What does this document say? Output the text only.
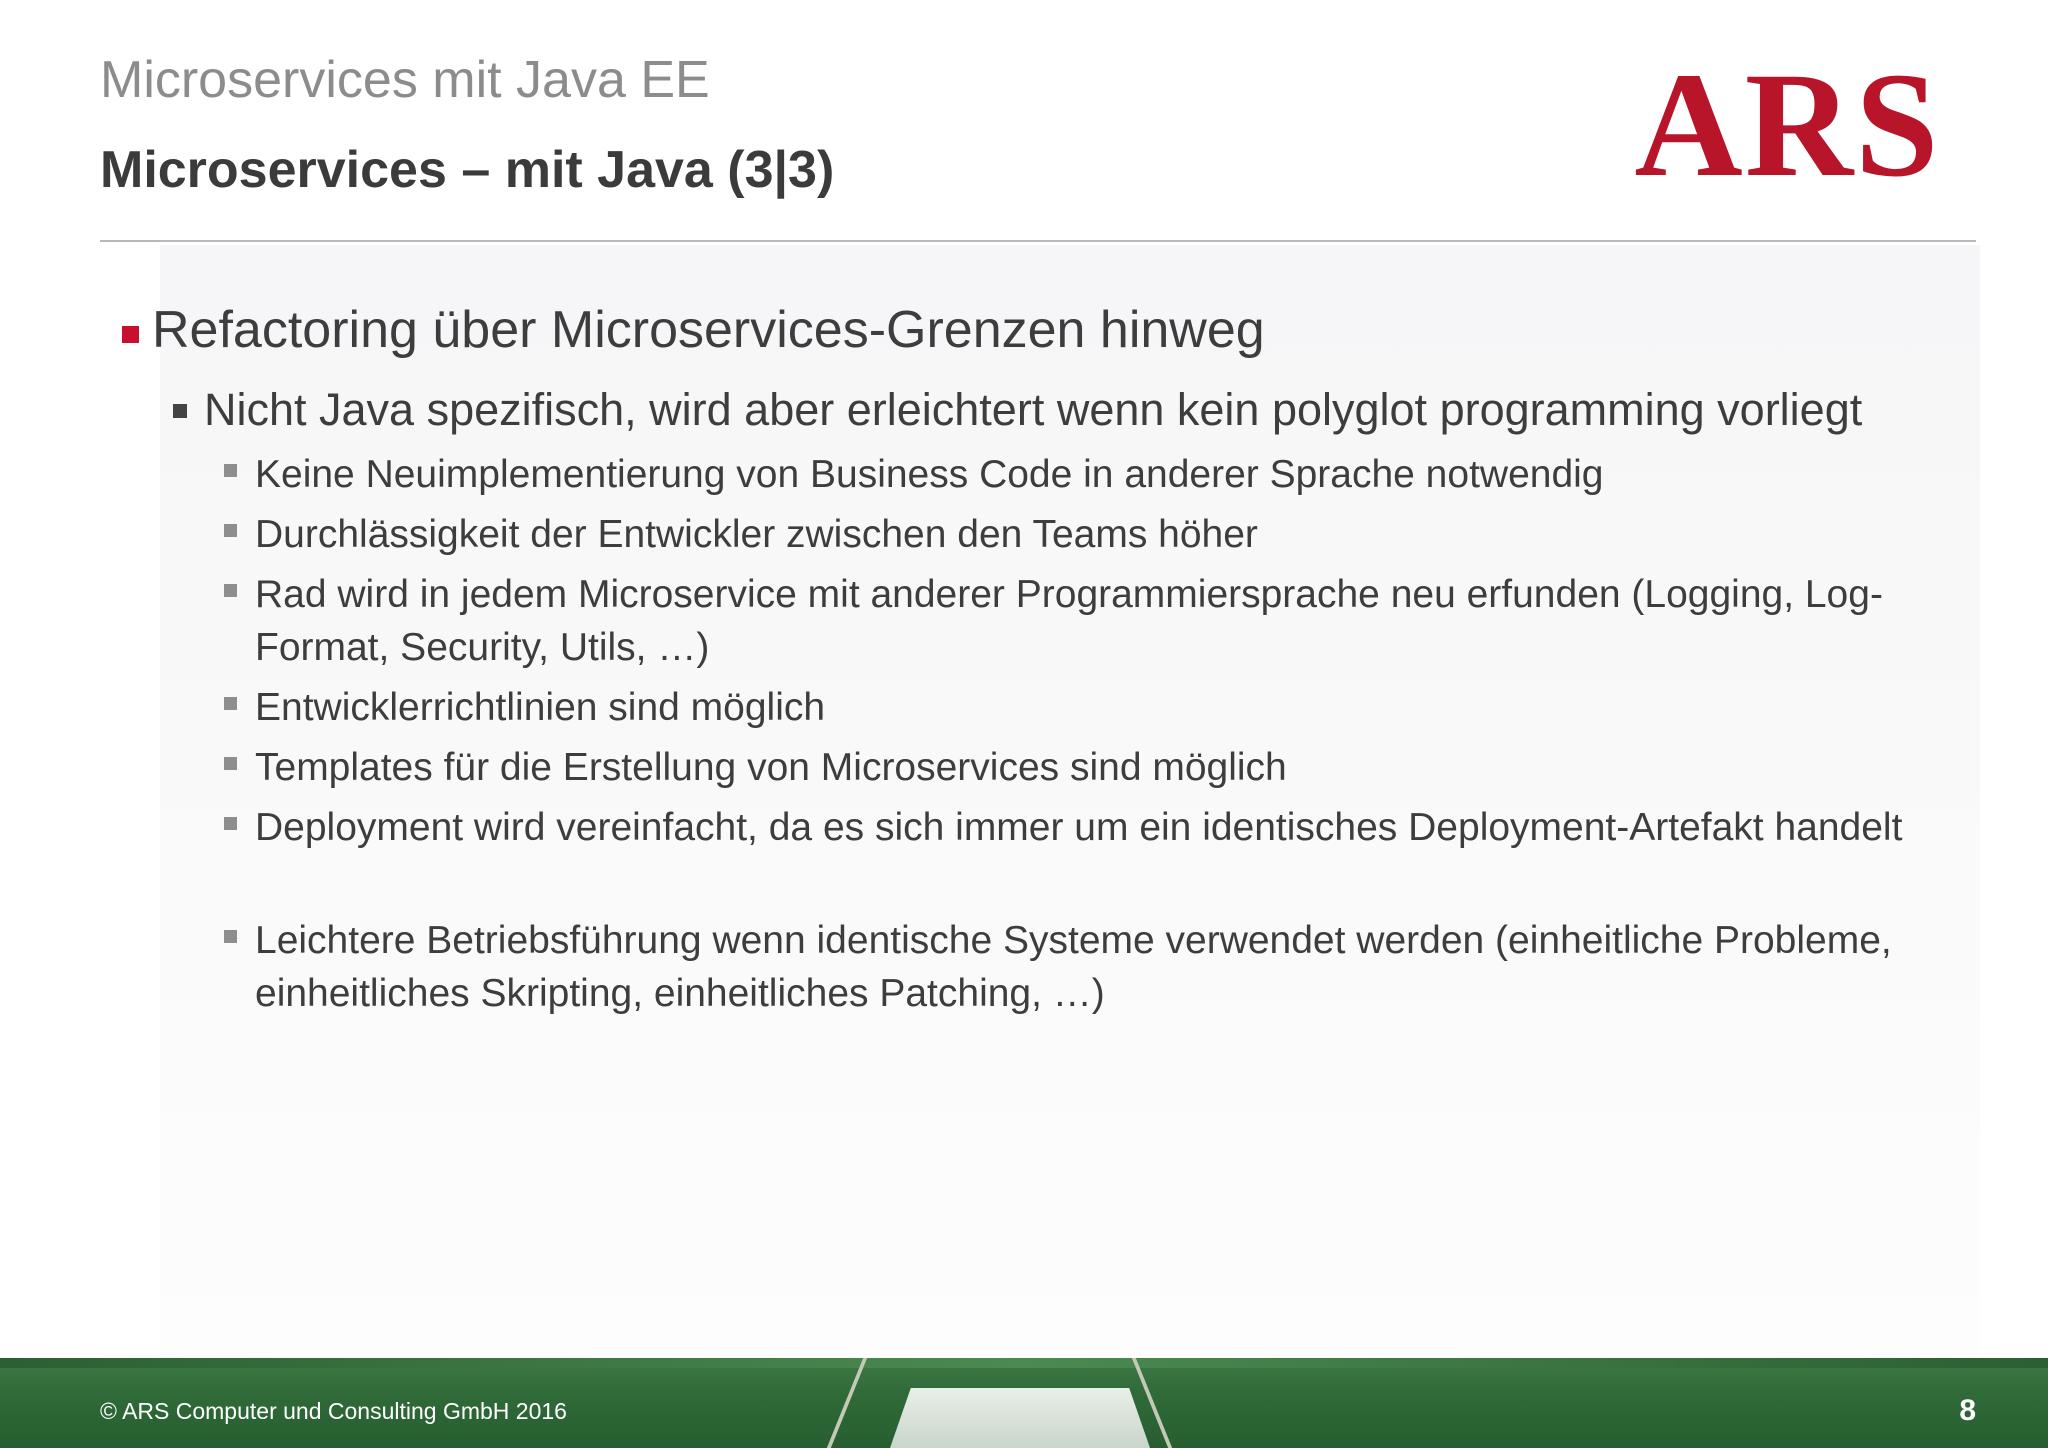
Microservices mit Java EE
Microservices – mit Java (3|3)	ARS
Refactoring über Microservices-Grenzen hinweg
Nicht Java spezifisch, wird aber erleichtert wenn kein polyglot programming vorliegt
Keine Neuimplementierung von Business Code in anderer Sprache notwendig
Durchlässigkeit der Entwickler zwischen den Teams höher
Rad wird in jedem Microservice mit anderer Programmiersprache neu erfunden (Logging, Log-Format, Security, Utils, …)
Entwicklerrichtlinien sind möglich
Templates für die Erstellung von Microservices sind möglich
Deployment wird vereinfacht, da es sich immer um ein identisches Deployment-Artefakt handelt
Leichtere Betriebsführung wenn identische Systeme verwendet werden (einheitliche Probleme, einheitliches Skripting, einheitliches Patching, …)
© ARS Computer und Consulting GmbH 2016	8
